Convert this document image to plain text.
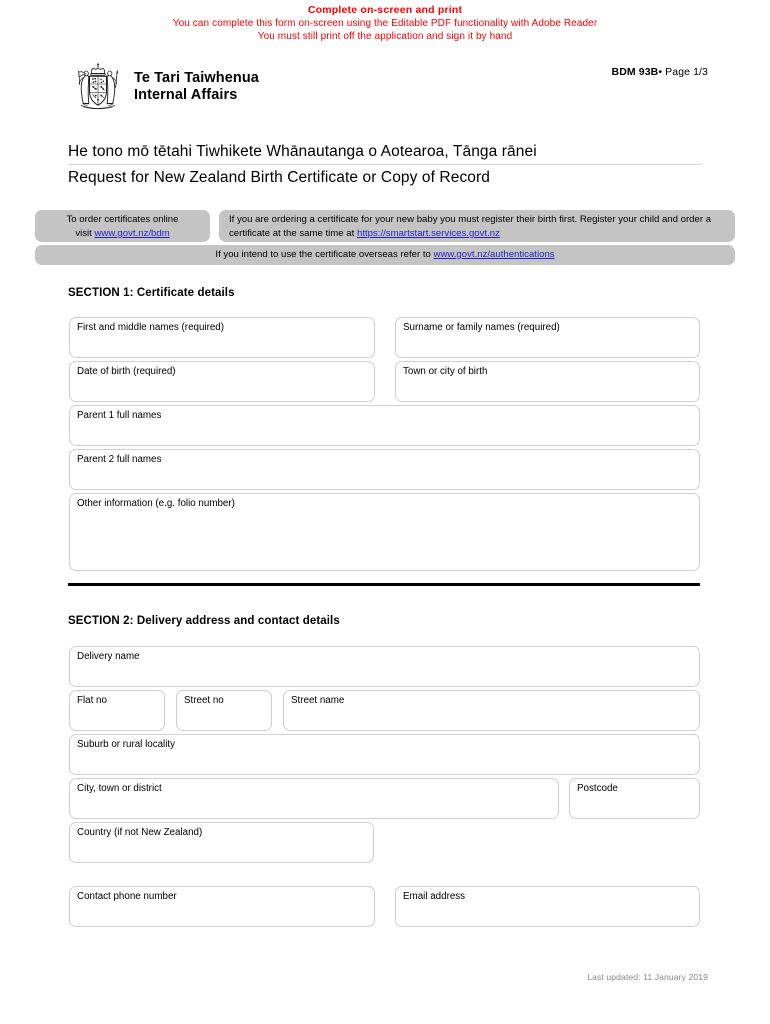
Complete on-screen and print
You can complete this form on-screen using the Editable PDF functionality with Adobe Reader
You must still print off the application and sign it by hand
Te Tari Taiwhenua
Internal Affairs
BDM 93B• Page 1/3
He tono mō tētahi Tiwhikete Whānautanga o Aotearoa, Tānga rānei
Request for New Zealand Birth Certificate or Copy of Record
To order certificates online
visit www.govt.nz/bdm
If you are ordering a certificate for your new baby you must register their birth first. Register your child and order a certificate at the same time at https://smartstart.services.govt.nz
If you intend to use the certificate overseas refer to www.govt.nz/authentications
SECTION 1: Certificate details
First and middle names (required)	Surname or family names (required)
Date of birth (required)	Town or city of birth
Parent 1 full names
Parent 2 full names
Other information (e.g. folio number)
SECTION 2: Delivery address and contact details
Delivery name
Flat no	Street no	Street name
Suburb or rural locality
City, town or district	Postcode
Country (if not New Zealand)
Contact phone number	Email address
Last updated: 11 January 2019
